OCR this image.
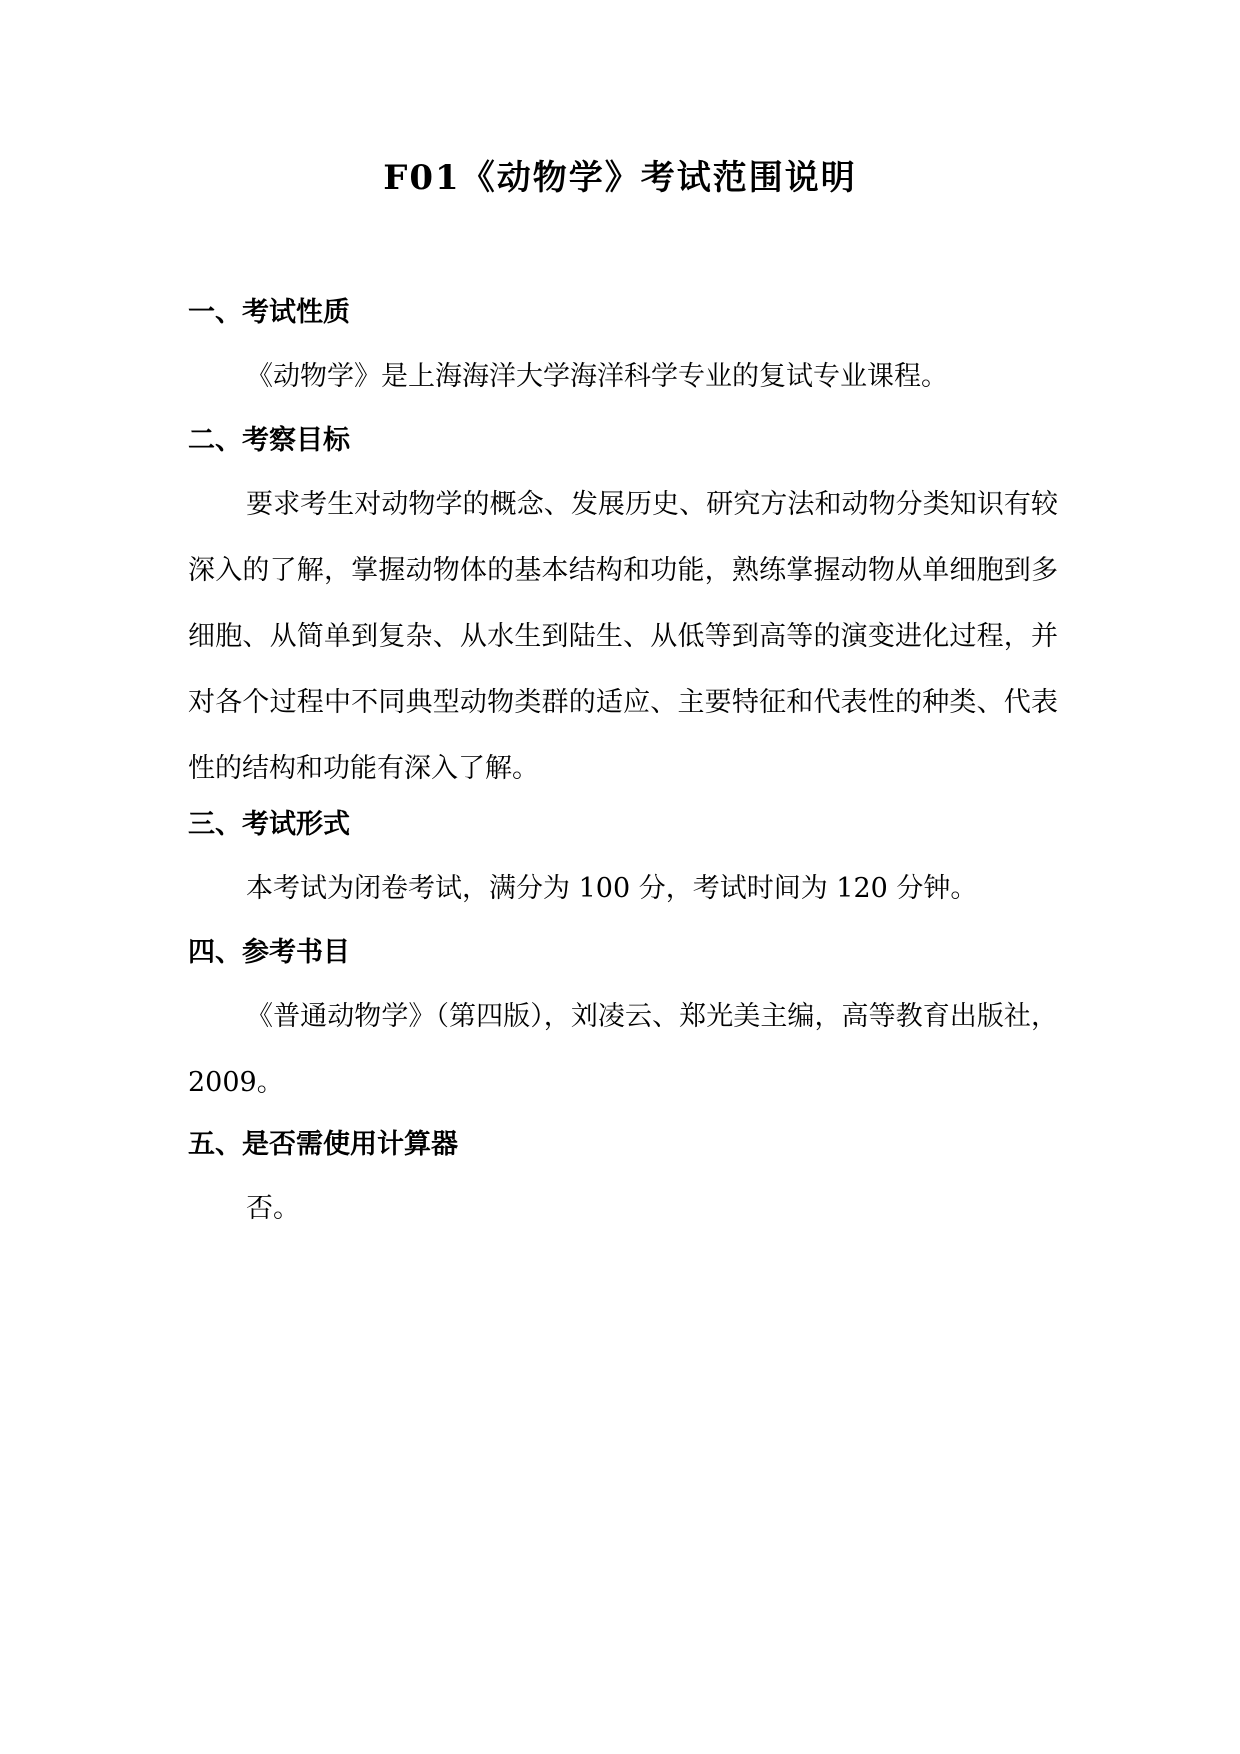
F01《动物学》考试范围说明
一、考试性质
《动物学》是上海海洋大学海洋科学专业的复试专业课程。
二、考察目标
要求考生对动物学的概念、发展历史、研究方法和动物分类知识有较深入的了解，掌握动物体的基本结构和功能，熟练掌握动物从单细胞到多细胞、从简单到复杂、从水生到陆生、从低等到高等的演变进化过程，并对各个过程中不同典型动物类群的适应、主要特征和代表性的种类、代表性的结构和功能有深入了解。
三、考试形式
本考试为闭卷考试，满分为 100 分，考试时间为 120 分钟。
四、参考书目
《普通动物学》（第四版），刘凌云、郑光美主编，高等教育出版社，2009。
五、是否需使用计算器
否。
